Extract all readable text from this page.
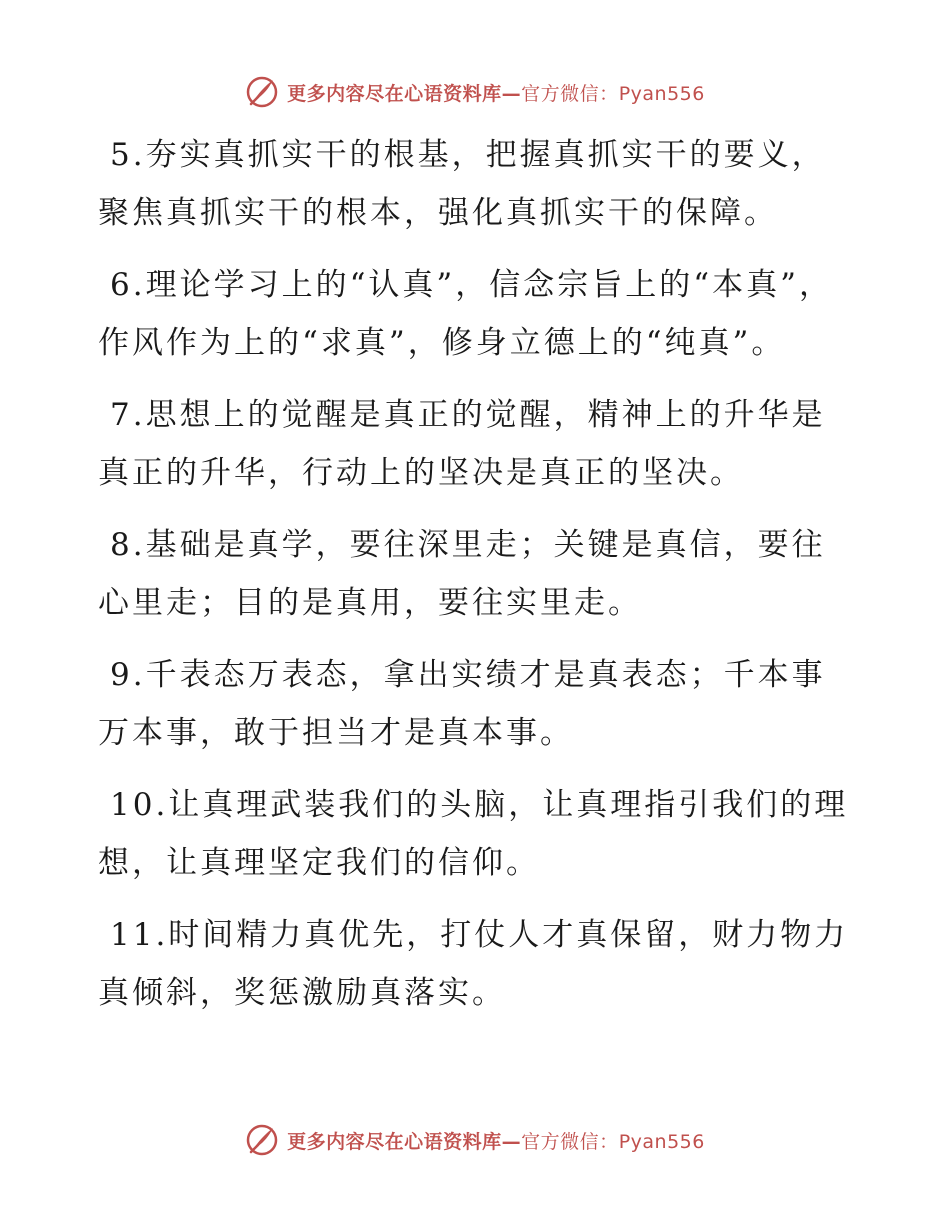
更多内容尽在心语资料库—官方微信：Pyan556

5.夯实真抓实干的根基，把握真抓实干的要义，聚焦真抓实干的根本，强化真抓实干的保障。

6.理论学习上的“认真”，信念宗旨上的“本真”，作风作为上的“求真”，修身立德上的“纯真”。

7.思想上的觉醒是真正的觉醒，精神上的升华是真正的升华，行动上的坚决是真正的坚决。

8.基础是真学，要往深里走；关键是真信，要往心里走；目的是真用，要往实里走。

9.千表态万表态，拿出实绩才是真表态；千本事万本事，敢于担当才是真本事。

10.让真理武装我们的头脑，让真理指引我们的理想，让真理坚定我们的信仰。

11.时间精力真优先，打仗人才真保留，财力物力真倾斜，奖惩激励真落实。

更多内容尽在心语资料库—官方微信：Pyan556
